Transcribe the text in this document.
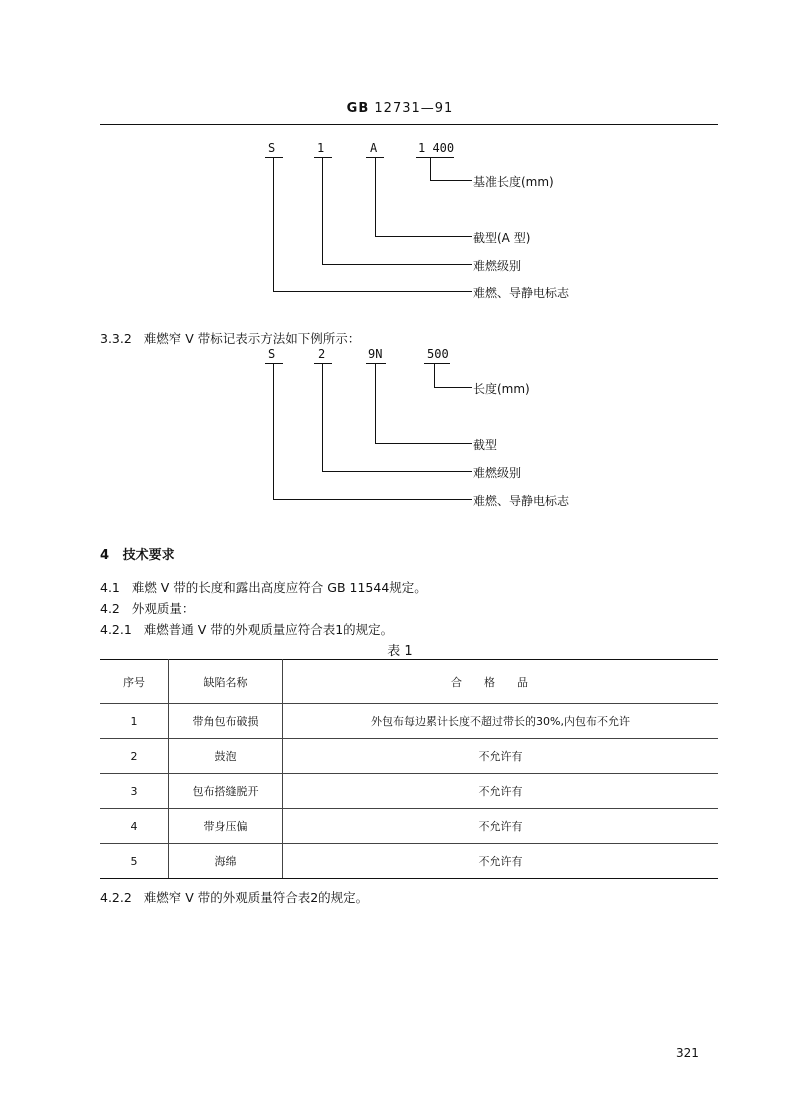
GB 12731—91
S	1	A	1 400
基准长度(mm)
截型(A 型)
难燃级别
难燃、导静电标志
3.3.2 难燃窄 V 带标记表示方法如下例所示：
S	2	9N	500
长度(mm)
截型
难燃级别
难燃、导静电标志
4 技术要求
4.1 难燃 V 带的长度和露出高度应符合 GB 11544规定。
4.2 外观质量：
4.2.1 难燃普通 V 带的外观质量应符合表1的规定。
表 1
序号	缺陷名称	合格品
1	带角包布破损	外包布每边累计长度不超过带长的30%,内包布不允许
2	鼓泡	不允许有
3	包布搭缝脱开	不允许有
4	带身压偏	不允许有
5	海绵	不允许有
4.2.2 难燃窄 V 带的外观质量符合表2的规定。
321
